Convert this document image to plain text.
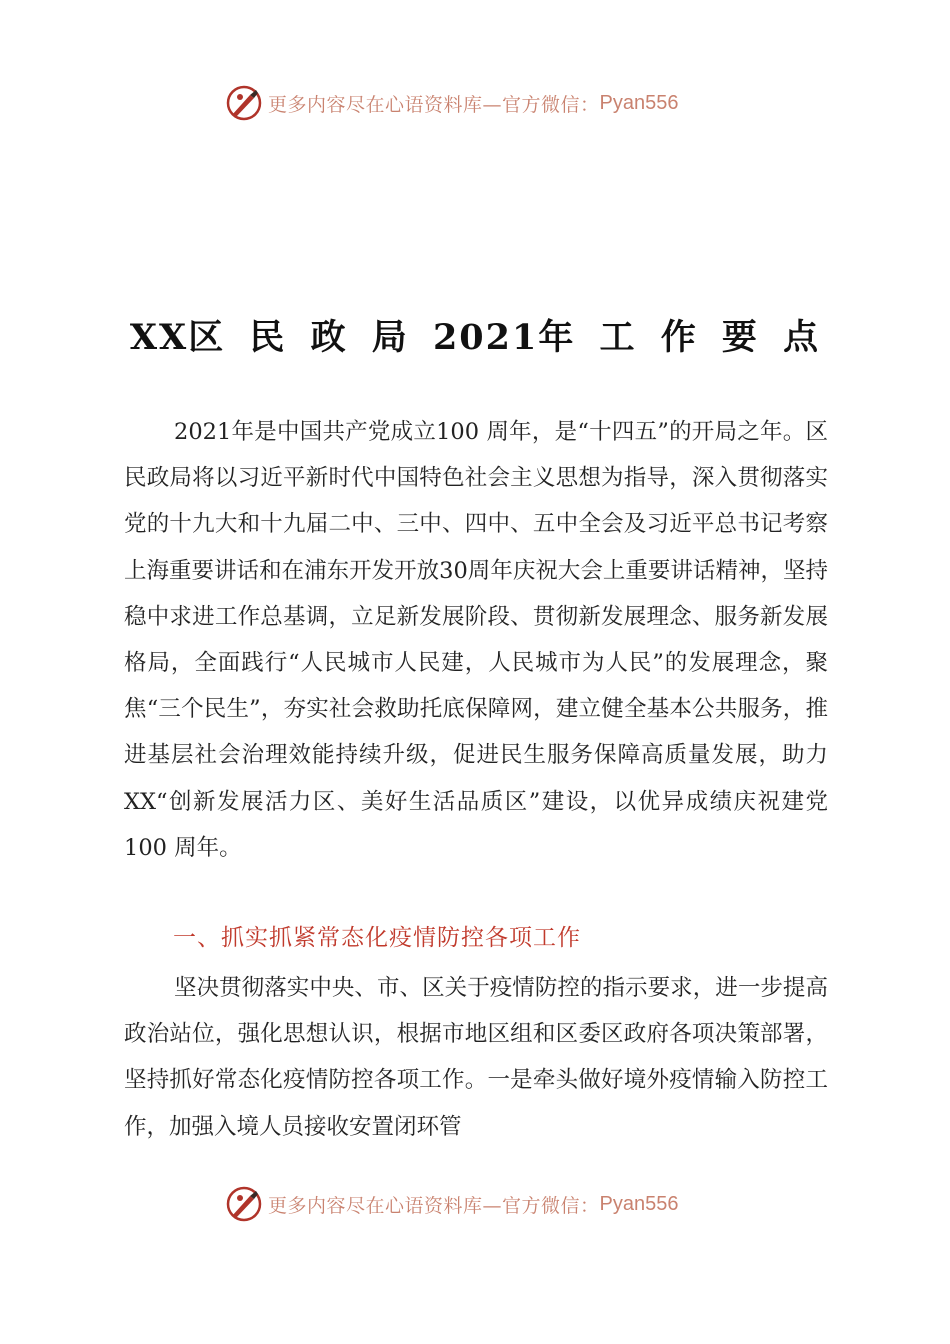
更多内容尽在心语资料库—官方微信： Pyan556
XX区 民 政 局 2021年 工 作 要 点
2021年是中国共产党成立100 周年，是“十四五”的开局之年。区民政局将以习近平新时代中国特色社会主义思想为指导，深入贯彻落实党的十九大和十九届二中、三中、四中、五中全会及习近平总书记考察上海重要讲话和在浦东开发开放30周年庆祝大会上重要讲话精神，坚持稳中求进工作总基调，立足新发展阶段、贯彻新发展理念、服务新发展格局，全面践行“人民城市人民建，人民城市为人民”的发展理念，聚焦“三个民生”，夯实社会救助托底保障网，建立健全基本公共服务，推进基层社会治理效能持续升级，促进民生服务保障高质量发展，助力XX“创新发展活力区、美好生活品质区”建设，以优异成绩庆祝建党100 周年。
一、抓实抓紧常态化疫情防控各项工作
坚决贯彻落实中央、市、区关于疫情防控的指示要求，进一步提高政治站位，强化思想认识，根据市地区组和区委区政府各项决策部署，坚持抓好常态化疫情防控各项工作。一是牵头做好境外疫情输入防控工作，加强入境人员接收安置闭环管
更多内容尽在心语资料库—官方微信： Pyan556
